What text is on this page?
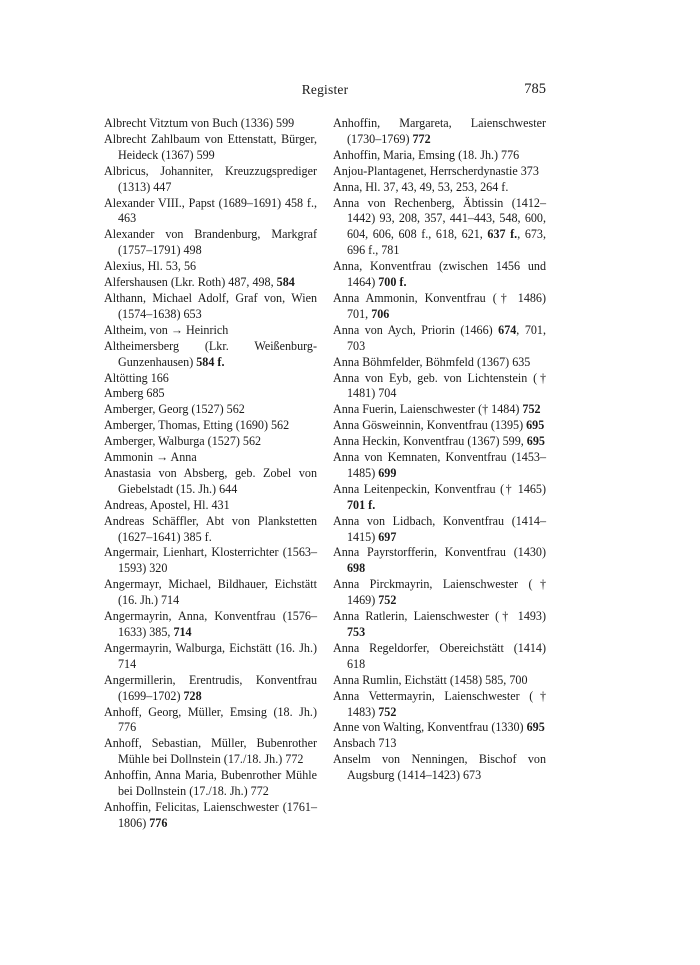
Register	785

Albrecht Vitztum von Buch (1336) 599

Albrecht Zahlbaum von Ettenstatt, Bürger, Heideck (1367) 599

Albricus, Johanniter, Kreuzzugsprediger (1313) 447

Alexander VIII., Papst (1689–1691) 458 f., 463

Alexander von Brandenburg, Markgraf (1757–1791) 498

Alexius, Hl. 53, 56

Alfershausen (Lkr. Roth) 487, 498, 584

Althann, Michael Adolf, Graf von, Wien (1574–1638) 653

Altheim, von → Heinrich

Altheimersberg (Lkr. Weißenburg-Gunzenhausen) 584 f.

Altötting 166

Amberg 685

Amberger, Georg (1527) 562

Amberger, Thomas, Etting (1690) 562

Amberger, Walburga (1527) 562

Ammonin → Anna

Anastasia von Absberg, geb. Zobel von Giebelstadt (15. Jh.) 644

Andreas, Apostel, Hl. 431

Andreas Schäffler, Abt von Plankstetten (1627–1641) 385 f.

Angermair, Lienhart, Klosterrichter (1563–1593) 320

Angermayr, Michael, Bildhauer, Eichstätt (16. Jh.) 714

Angermayrin, Anna, Konventfrau (1576–1633) 385, 714

Angermayrin, Walburga, Eichstätt (16. Jh.) 714

Angermillerin, Erentrudis, Konventfrau (1699–1702) 728

Anhoff, Georg, Müller, Emsing (18. Jh.) 776

Anhoff, Sebastian, Müller, Bubenrother Mühle bei Dollnstein (17./18. Jh.) 772

Anhoffin, Anna Maria, Bubenrother Mühle bei Dollnstein (17./18. Jh.) 772

Anhoffin, Felicitas, Laienschwester (1761–1806) 776

Anhoffin, Margareta, Laienschwester (1730–1769) 772

Anhoffin, Maria, Emsing (18. Jh.) 776

Anjou-Plantagenet, Herrscherdynastie 373

Anna, Hl. 37, 43, 49, 53, 253, 264 f.

Anna von Rechenberg, Äbtissin (1412–1442) 93, 208, 357, 441–443, 548, 600, 604, 606, 608 f., 618, 621, 637 f., 673, 696 f., 781

Anna, Konventfrau (zwischen 1456 und 1464) 700 f.

Anna Ammonin, Konventfrau († 1486) 701, 706

Anna von Aych, Priorin (1466) 674, 701, 703

Anna Böhmfelder, Böhmfeld (1367) 635

Anna von Eyb, geb. von Lichtenstein († 1481) 704

Anna Fuerin, Laienschwester († 1484) 752

Anna Gösweinnin, Konventfrau (1395) 695

Anna Heckin, Konventfrau (1367) 599, 695

Anna von Kemnaten, Konventfrau (1453–1485) 699

Anna Leitenpeckin, Konventfrau († 1465) 701 f.

Anna von Lidbach, Konventfrau (1414–1415) 697

Anna Payrstorfferin, Konventfrau (1430) 698

Anna Pirckmayrin, Laienschwester († 1469) 752

Anna Ratlerin, Laienschwester († 1493) 753

Anna Regeldorfer, Obereichstätt (1414) 618

Anna Rumlin, Eichstätt (1458) 585, 700

Anna Vettermayrin, Laienschwester († 1483) 752

Anne von Walting, Konventfrau (1330) 695

Ansbach 713

Anselm von Nenningen, Bischof von Augsburg (1414–1423) 673
